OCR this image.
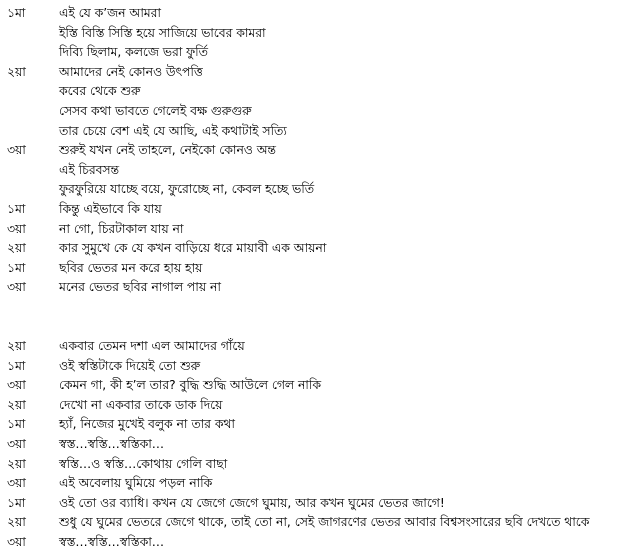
১মা	এই যে ক’জন আমরা
ইস্তি বিস্তি সিস্তি হয়ে সাজিয়ে ভাবের কামরা
দিব্যি ছিলাম, কলজে ভরা ফুর্তি
২য়া	আমাদের নেই কোনও উৎপত্তি
কবের থেকে শুরু
সেসব কথা ভাবতে গেলেই বক্ষ গুরুগুরু
তার চেয়ে বেশ এই যে আছি, এই কথাটাই সত্যি
৩য়া	শুরুই যখন নেই তাহলে, নেইকো কোনও অন্ত
এই চিরবসন্ত
ফুরফুরিয়ে যাচ্ছে বয়ে, ফুরোচ্ছে না, কেবল হচ্ছে ভর্তি
১মা	কিন্তু এইভাবে কি যায়
৩য়া	না গো, চিরটাকাল যায় না
২য়া	কার সুমুখে কে যে কখন বাড়িয়ে ধরে মায়াবী এক আয়না
১মা	ছবির ভেতর মন করে হায় হায়
৩য়া	মনের ভেতর ছবির নাগাল পায় না
২য়া	একবার তেমন দশা এল আমাদের গাঁয়ে
১মা	ওই স্বস্তিটাকে দিয়েই তো শুরু
৩য়া	কেমন গা, কী হ’ল তার? বুদ্ধি শুদ্ধি আউলে গেল নাকি
২য়া	দেখো না একবার তাকে ডাক দিয়ে
১মা	হ্যাঁ, নিজের মুখেই বলুক না তার কথা
৩য়া	স্বস্ত…স্বস্তি…স্বস্তিকা…
২য়া	স্বস্তি…ও স্বস্তি…কোথায় গেলি বাছা
৩য়া	এই অবেলায় ঘুমিয়ে পড়ল নাকি
১মা	ওই তো ওর ব্যাধি। কখন যে জেগে জেগে ঘুমায়, আর কখন ঘুমের ভেতর জাগে!
২য়া	শুধু যে ঘুমের ভেতরে জেগে থাকে, তাই তো না, সেই জাগরণের ভেতর আবার বিশ্বসংসারের ছবি দেখতে থাকে
৩য়া	স্বস্ত…স্বস্তি…স্বস্তিকা…
